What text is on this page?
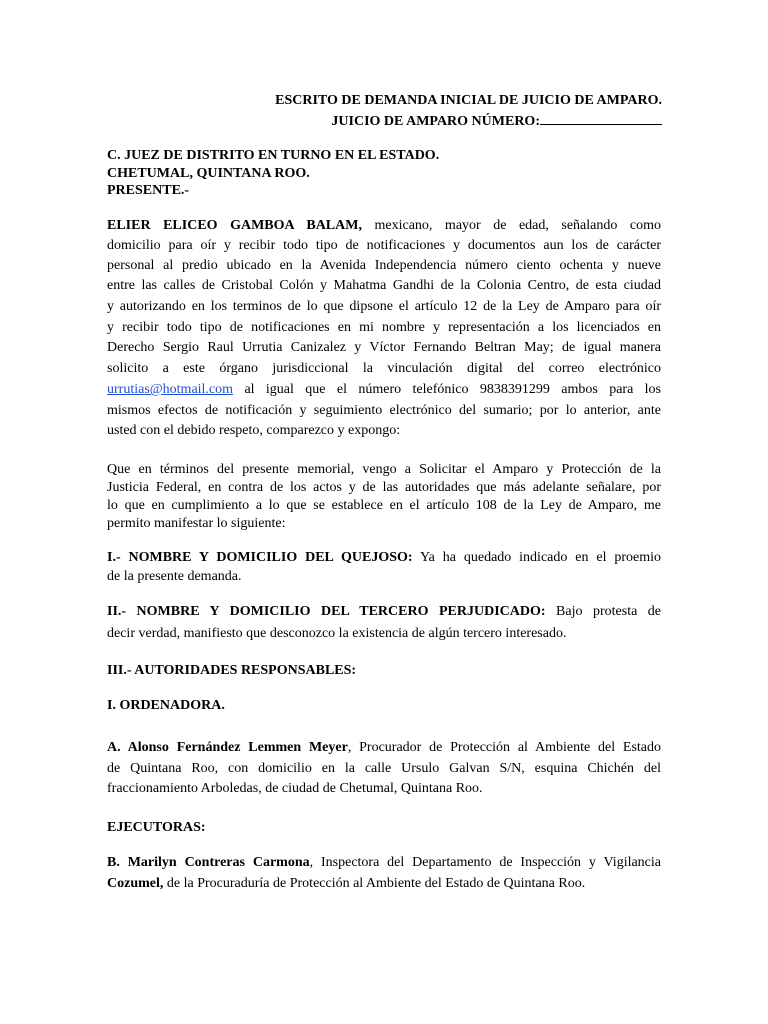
ESCRITO DE DEMANDA INICIAL DE JUICIO DE AMPARO.
JUICIO DE AMPARO NÚMERO:
C. JUEZ DE DISTRITO EN TURNO EN EL ESTADO.
CHETUMAL, QUINTANA ROO.
PRESENTE.-
ELIER ELICEO GAMBOA BALAM, mexicano, mayor de edad, señalando como
domicilio para oír y recibir todo tipo de notificaciones y documentos aun los de carácter
personal al predio ubicado en la Avenida Independencia número ciento ochenta y nueve
entre las calles de Cristobal Colón y Mahatma Gandhi de la Colonia Centro, de esta ciudad
y autorizando en los terminos de lo que dipsone el artículo 12 de la Ley de Amparo para oír
y recibir todo tipo de notificaciones en mi nombre y representación a los licenciados en
Derecho Sergio Raul Urrutia Canizalez y Víctor Fernando Beltran May; de igual manera
solicito a este órgano jurisdiccional la vinculación digital del correo electrónico
urrutias@hotmail.com al igual que el número telefónico 9838391299 ambos para los
mismos efectos de notificación y seguimiento electrónico del sumario; por lo anterior, ante
usted con el debido respeto, comparezco y expongo:
Que en términos del presente memorial, vengo a Solicitar el Amparo y Protección de la
Justicia Federal, en contra de los actos y de las autoridades que más adelante señalare, por
lo que en cumplimiento a lo que se establece en el artículo 108 de la Ley de Amparo, me
permito manifestar lo siguiente:
I.- NOMBRE Y DOMICILIO DEL QUEJOSO: Ya ha quedado indicado en el proemio
de la presente demanda.
II.- NOMBRE Y DOMICILIO DEL TERCERO PERJUDICADO: Bajo protesta de
decir verdad, manifiesto que desconozco la existencia de algún tercero interesado.
III.- AUTORIDADES RESPONSABLES:
I. ORDENADORA.
A. Alonso Fernández Lemmen Meyer, Procurador de Protección al Ambiente del Estado
de Quintana Roo, con domicilio en la calle Ursulo Galvan S/N, esquina Chichén del
fraccionamiento Arboledas, de ciudad de Chetumal, Quintana Roo.
EJECUTORAS:
B. Marilyn Contreras Carmona, Inspectora del Departamento de Inspección y Vigilancia
Cozumel, de la Procuraduría de Protección al Ambiente del Estado de Quintana Roo.
